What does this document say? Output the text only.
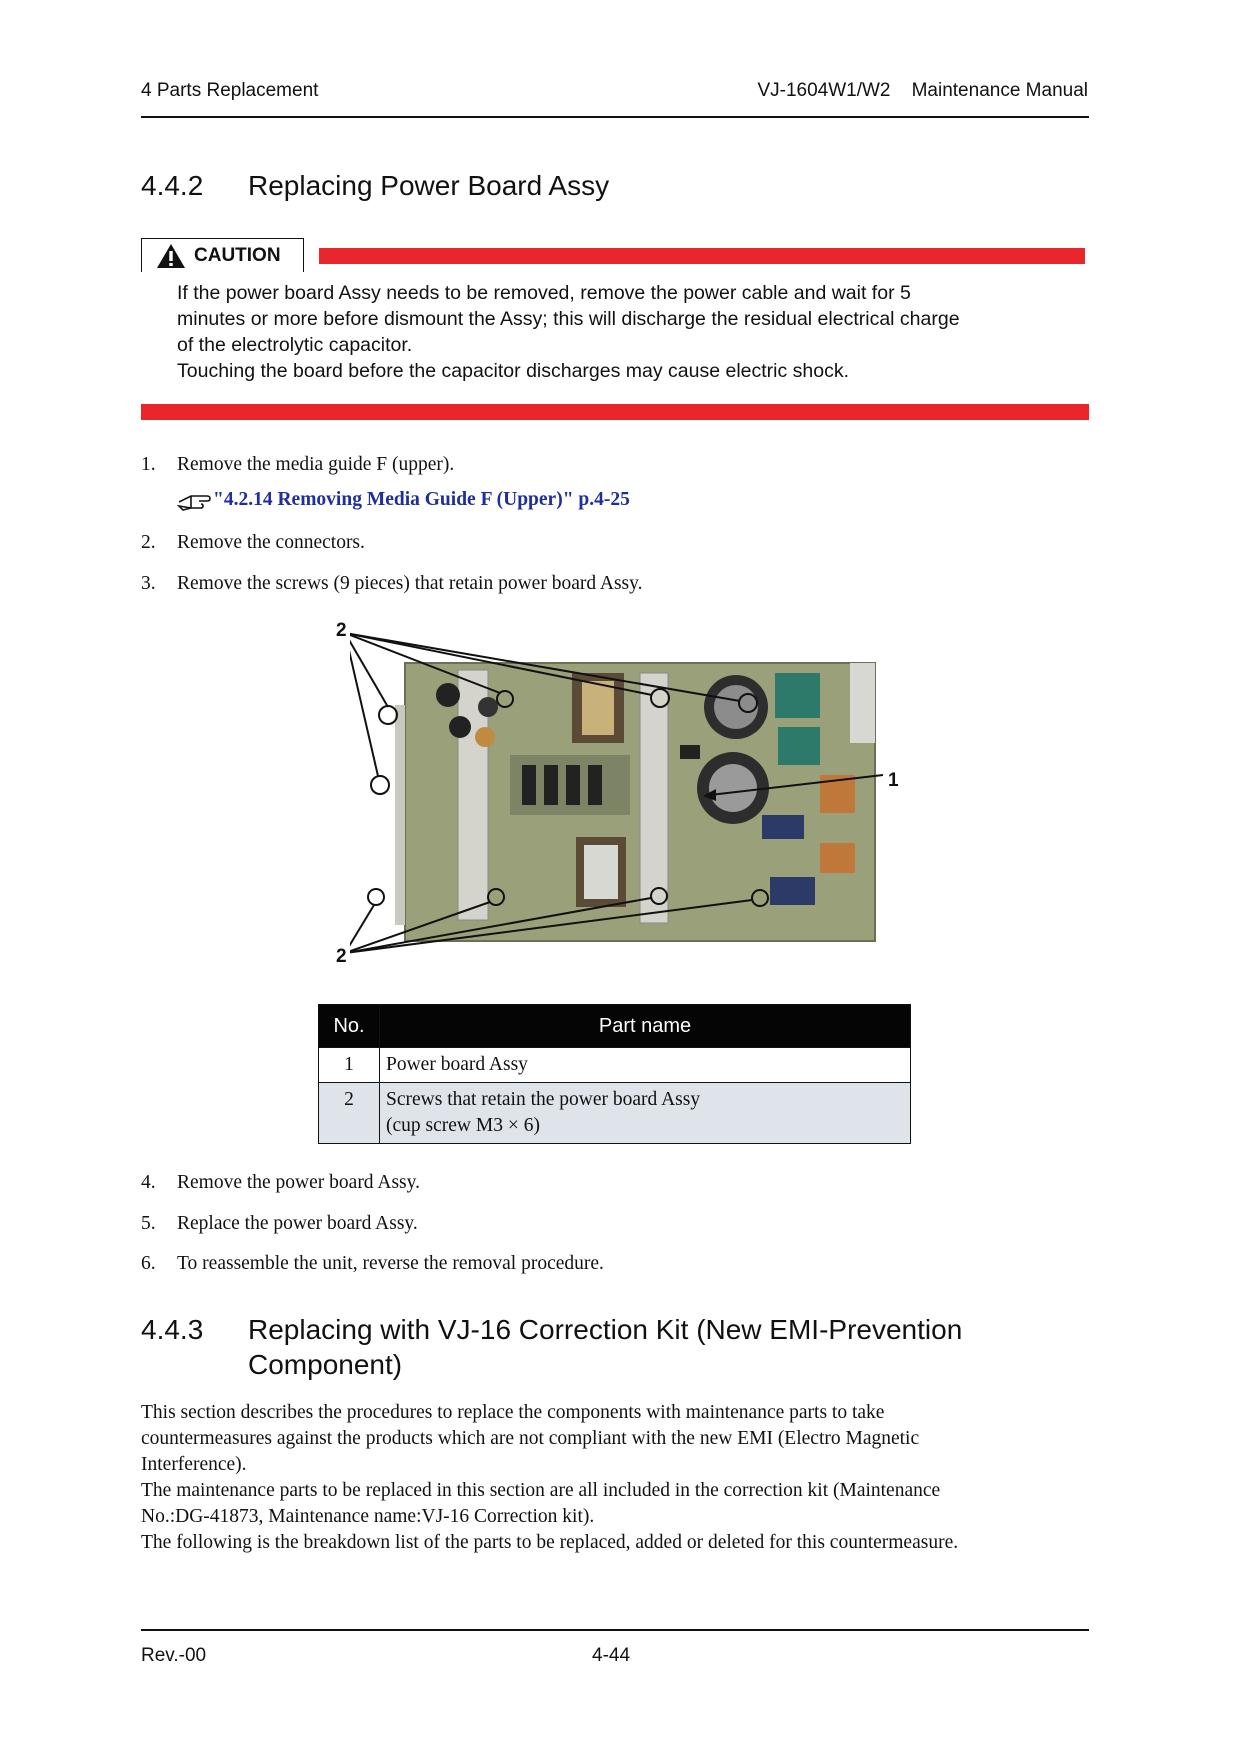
4 Parts Replacement	VJ-1604W1/W2    Maintenance Manual
4.4.2 Replacing Power Board Assy
CAUTION

If the power board Assy needs to be removed, remove the power cable and wait for 5

minutes or more before dismount the Assy; this will discharge the residual electrical charge

of the electrolytic capacitor.

Touching the board before the capacitor discharges may cause electric shock.

1. Remove the media guide F (upper).
"4.2.14 Removing Media Guide F (Upper)" p.4-25
2. Remove the connectors.
3. Remove the screws (9 pieces) that retain power board Assy.
2
2
1
No.	Part name
1	Power board Assy
2	Screws that retain the power board Assy
(cup screw M3 × 6)
4. Remove the power board Assy.
5. Replace the power board Assy.
6. To reassemble the unit, reverse the removal procedure.
4.4.3 Replacing with VJ-16 Correction Kit (New EMI-Prevention
Component)

This section describes the procedures to replace the components with maintenance parts to take

countermeasures against the products which are not compliant with the new EMI (Electro Magnetic

Interference).

The maintenance parts to be replaced in this section are all included in the correction kit (Maintenance

No.:DG-41873, Maintenance name:VJ-16 Correction kit).

The following is the breakdown list of the parts to be replaced, added or deleted for this countermeasure.

Rev.-00	4-44
